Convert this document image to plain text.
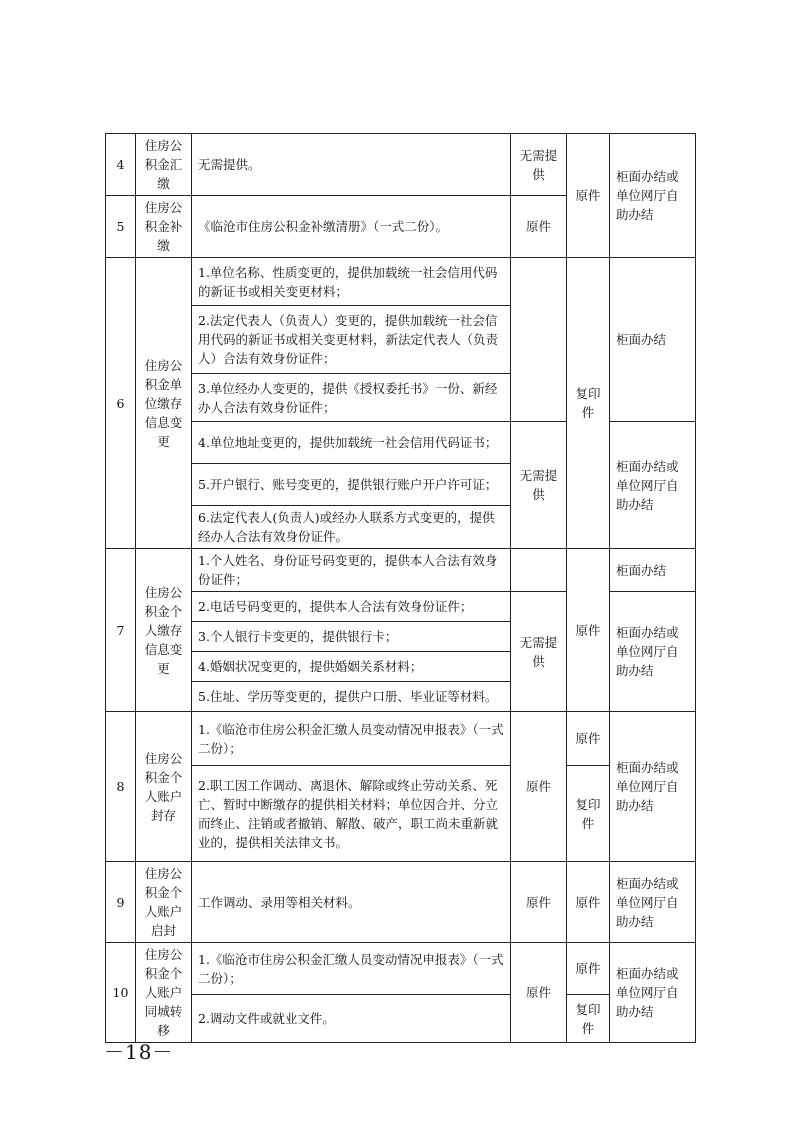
4	住房公积金汇缴	无需提供。	无需提供	原件	柜面办结或单位网厅自助办结
5	住房公积金补缴	《临沧市住房公积金补缴清册》（一式二份）。	原件		
6	住房公积金单位缴存信息变更	1.单位名称、性质变更的，提供加载统一社会信用代码的新证书或相关变更材料；		复印件	柜面办结
		2.法定代表人（负责人）变更的，提供加载统一社会信用代码的新证书或相关变更材料，新法定代表人（负责人）合法有效身份证件；			
		3.单位经办人变更的，提供《授权委托书》一份、新经办人合法有效身份证件；			
		4.单位地址变更的，提供加载统一社会信用代码证书；	无需提供		柜面办结或单位网厅自助办结
		5.开户银行、账号变更的，提供银行账户开户许可证；			
		6.法定代表人(负责人)或经办人联系方式变更的，提供经办人合法有效身份证件。			
7	住房公积金个人缴存信息变更	1.个人姓名、身份证号码变更的，提供本人合法有效身份证件；		原件	柜面办结
		2.电话号码变更的，提供本人合法有效身份证件；	无需提供		柜面办结或单位网厅自助办结
		3.个人银行卡变更的，提供银行卡；			
		4.婚姻状况变更的，提供婚姻关系材料；			
		5.住址、学历等变更的，提供户口册、毕业证等材料。			
8	住房公积金个人账户封存	1.《临沧市住房公积金汇缴人员变动情况申报表》（一式二份）；	原件	原件	柜面办结或单位网厅自助办结
		2.职工因工作调动、离退休、解除或终止劳动关系、死亡、暂时中断缴存的提供相关材料；单位因合并、分立而终止、注销或者撤销、解散、破产，职工尚未重新就业的，提供相关法律文书。		复印件	
9	住房公积金个人账户启封	工作调动、录用等相关材料。	原件	原件	柜面办结或单位网厅自助办结
10	住房公积金个人账户同城转移	1.《临沧市住房公积金汇缴人员变动情况申报表》（一式二份）；	原件	原件	柜面办结或单位网厅自助办结
		2.调动文件或就业文件。		复印件	
－18－
